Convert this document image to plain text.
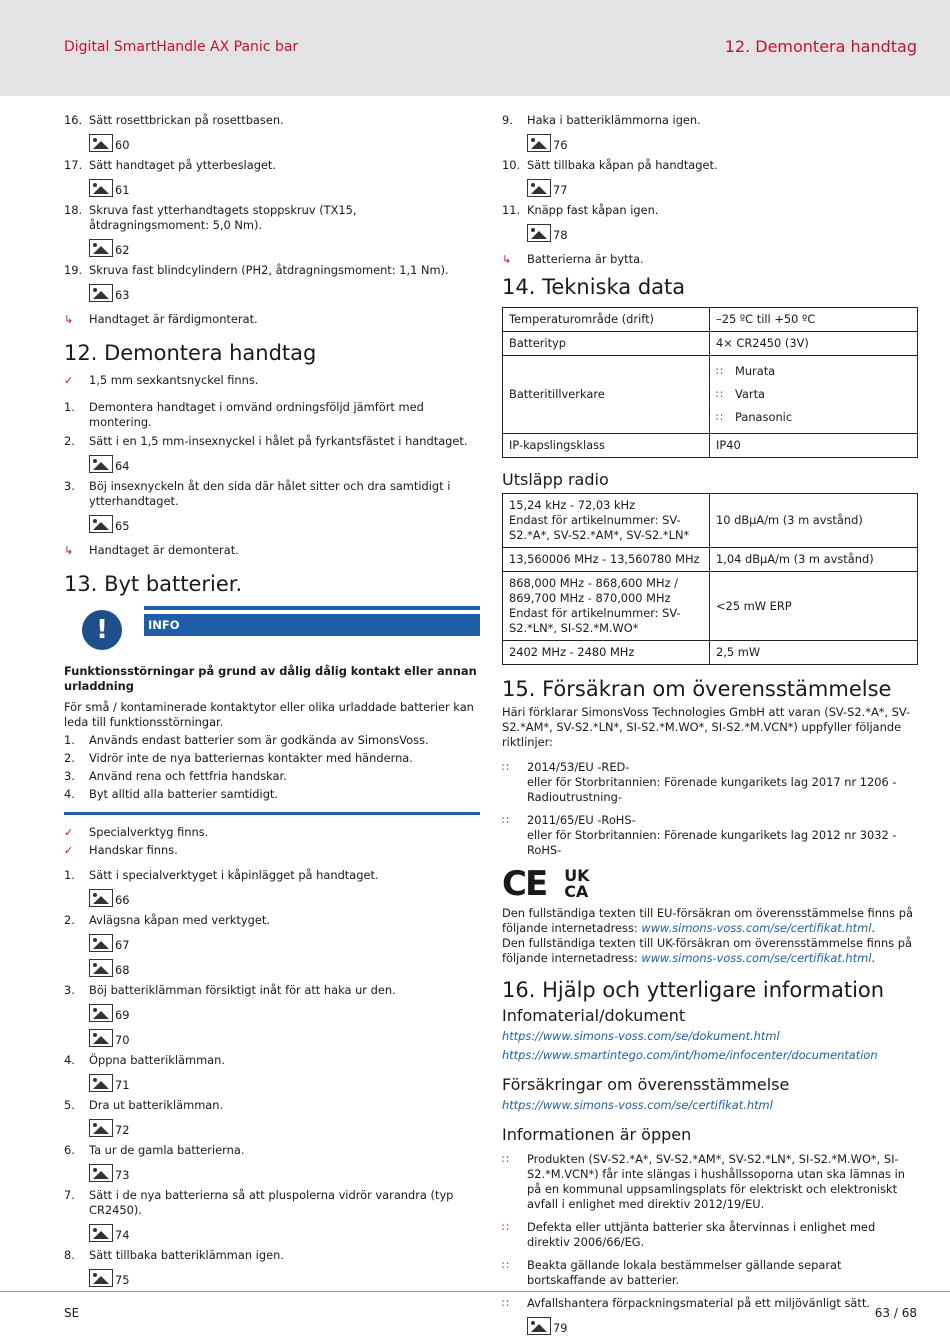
Digital SmartHandle AX Panic bar	12. Demontera handtag
16. Sätt rosettbrickan på rosettbasen.
60
17. Sätt handtaget på ytterbeslaget.
61
18. Skruva fast ytterhandtagets stoppskruv (TX15, åtdragningsmoment: 5,0 Nm).
62
19. Skruva fast blindcylindern (PH2, åtdragningsmoment: 1,1 Nm).
63
↳	Handtaget är färdigmonterat.
12. Demontera handtag
✓	1,5 mm sexkantsnyckel finns.
1.	Demontera handtaget i omvänd ordningsföljd jämfört med montering.
2.	Sätt i en 1,5 mm-insexnyckel i hålet på fyrkantsfästet i handtaget.
64
3.	Böj insexnyckeln åt den sida där hålet sitter och dra samtidigt i ytterhandtaget.
65
↳	Handtaget är demonterat.
13. Byt batterier.
!	INFO
Funktionsstörningar på grund av dålig dålig kontakt eller annan urladdning
För små / kontaminerade kontaktytor eller olika urladdade batterier kan leda till funktionsstörningar.
1.	Används endast batterier som är godkända av SimonsVoss.
2.	Vidrör inte de nya batteriernas kontakter med händerna.
3.	Använd rena och fettfria handskar.
4.	Byt alltid alla batterier samtidigt.
✓	Specialverktyg finns.
✓	Handskar finns.
1.	Sätt i specialverktyget i kåpinlägget på handtaget.
66
2.	Avlägsna kåpan med verktyget.
67
68
3.	Böj batteriklämman försiktigt inåt för att haka ur den.
69
70
4.	Öppna batteriklämman.
71
5.	Dra ut batteriklämman.
72
6.	Ta ur de gamla batterierna.
73
7.	Sätt i de nya batterierna så att pluspolerna vidrör varandra (typ CR2450).
74
8.	Sätt tillbaka batteriklämman igen.
75
9.	Haka i batteriklämmorna igen.
76
10. Sätt tillbaka kåpan på handtaget.
77
11. Knäpp fast kåpan igen.
78
↳	Batterierna är bytta.
14. Tekniska data
Temperaturområde (drift)	–25 ºC till +50 ºC
Batterityp	4× CR2450 (3V)
Batteritillverkare	∷ Murata
∷ Varta
∷ Panasonic

IP-kapslingsklass	IP40
Utsläpp radio
15,24 kHz - 72,03 kHz
Endast för artikelnummer: SV-S2.*A*, SV-S2.*AM*, SV-S2.*LN*	10 dBµA/m (3 m avstånd)
13,560006 MHz - 13,560780 MHz	1,04 dBµA/m (3 m avstånd)

868,000 MHz - 868,600 MHz / 869,700 MHz - 870,000 MHz
Endast för artikelnummer: SV-S2.*LN*, SI-S2.*M.WO*	<25 mW ERP
2402 MHz - 2480 MHz	2,5 mW
15. Försäkran om överensstämmelse
Häri förklarar SimonsVoss Technologies GmbH att varan (SV-S2.*A*, SV-S2.*AM*, SV-S2.*LN*, SI-S2.*M.WO*, SI-S2.*M.VCN*) uppfyller följande riktlinjer:
∷	2014/53/EU -RED-
eller för Storbritannien: Förenade kungarikets lag 2017 nr 1206 -Radioutrustning-
∷	2011/65/EU -RoHS-
eller för Storbritannien: Förenade kungarikets lag 2012 nr 3032 -RoHS-
CE UK
CA
Den fullständiga texten till EU-försäkran om överensstämmelse finns på följande internetadress: www.simons-voss.com/se/certifikat.html.
Den fullständiga texten till UK-försäkran om överensstämmelse finns på följande internetadress: www.simons-voss.com/se/certifikat.html.
16. Hjälp och ytterligare information
Infomaterial/dokument
https://www.simons-voss.com/se/dokument.html
https://www.smartintego.com/int/home/infocenter/documentation
Försäkringar om överensstämmelse
https://www.simons-voss.com/se/certifikat.html
Informationen är öppen
∷	Produkten (SV-S2.*A*, SV-S2.*AM*, SV-S2.*LN*, SI-S2.*M.WO*, SI-S2.*M.VCN*) får inte slängas i hushållssoporna utan ska lämnas in på en kommunal uppsamlingsplats för elektriskt och elektroniskt avfall i enlighet med direktiv 2012/19/EU.
∷	Defekta eller uttjänta batterier ska återvinnas i enlighet med direktiv 2006/66/EG.
∷	Beakta gällande lokala bestämmelser gällande separat bortskaffande av batterier.
∷	Avfallshantera förpackningsmaterial på ett miljövänligt sätt.
79
SE	63 / 68
